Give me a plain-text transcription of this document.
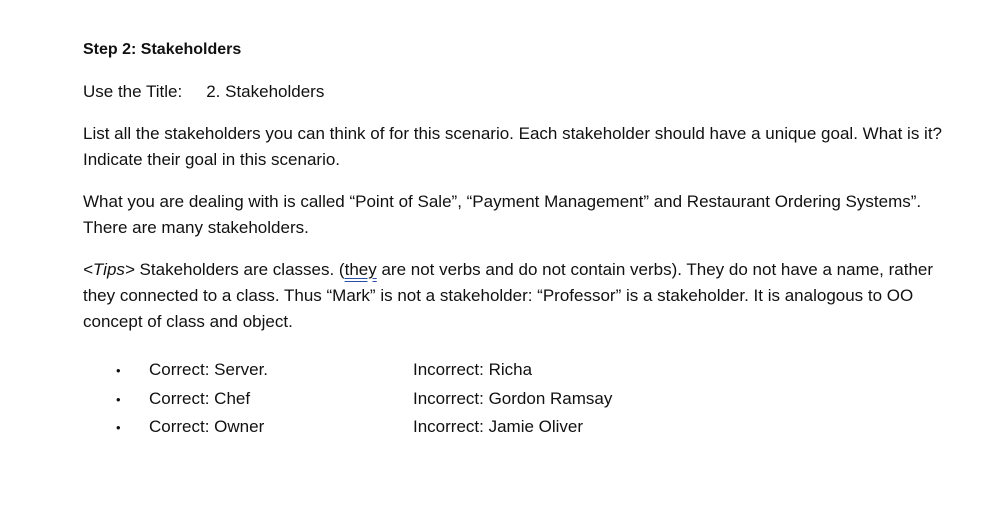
Step 2: Stakeholders
Use the Title: 2. Stakeholders
List all the stakeholders you can think of for this scenario. Each stakeholder should have a unique goal. What is it? Indicate their goal in this scenario.
What you are dealing with is called “Point of Sale”, “Payment Management” and Restaurant Ordering Systems”. There are many stakeholders.
<Tips> Stakeholders are classes. (they are not verbs and do not contain verbs). They do not have a name, rather they connected to a class. Thus “Mark” is not a stakeholder: “Professor” is a stakeholder. It is analogous to OO concept of class and object.
•	Correct: Server.	Incorrect: Richa
•	Correct: Chef	Incorrect: Gordon Ramsay
•	Correct: Owner	Incorrect: Jamie Oliver
